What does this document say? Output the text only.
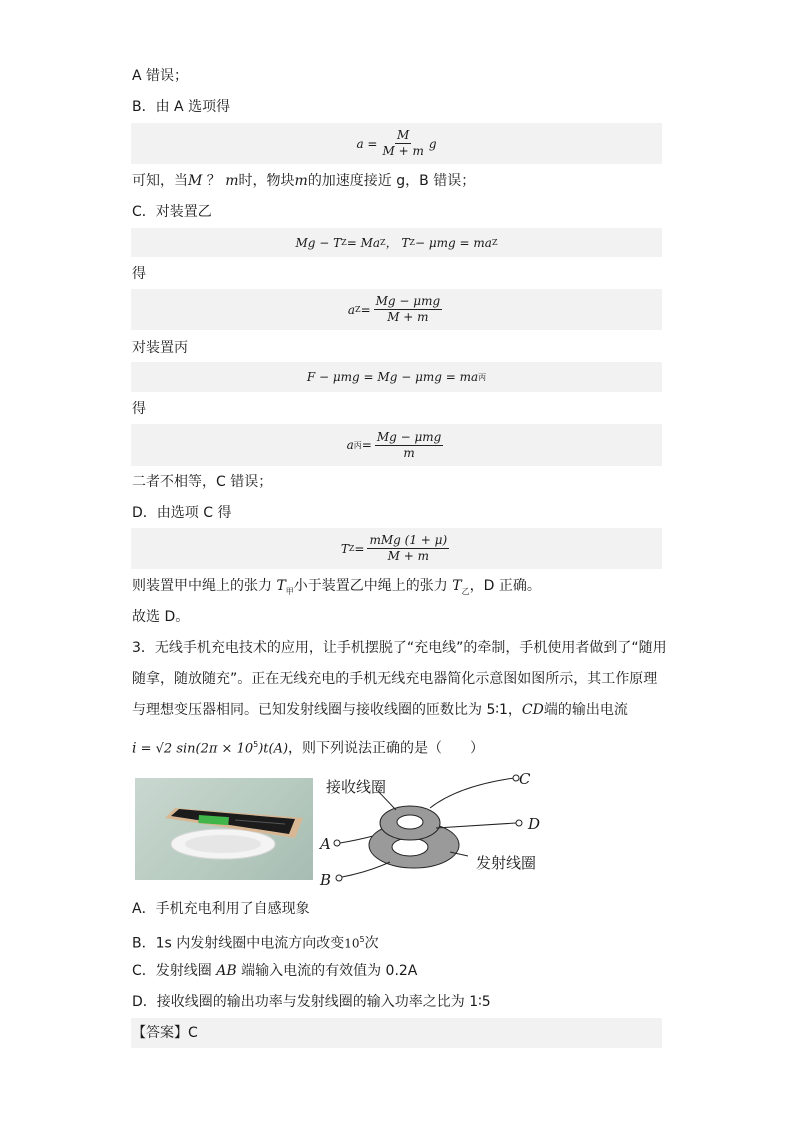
A 错误；
B．由 A 选项得
$a = \frac{M}{M + m}$ g
可知，当M ？ m时，物块m的加速度接近 g，B 错误；
C．对装置乙
Mg − T Z = Ma Z ， T Z − μmg = ma Z
得
a $Z = \frac{\text{Mg − μmg}}{M + m}$
对装置丙
F − μmg = Mg − μmg = ma 丙
得
a 丙 = $\frac{\text{Mg − μmg}}{m}$
二者不相等，C 错误；
D．由选项 C 得
T $Z = \frac{\text{mMg (1 + μ)}}{M + m}$
则装置甲中绳上的张力 $T_甲$小于装置乙中绳上的张力 $T_乙$，D 正确。
故选 D。
3．无线手机充电技术的应用，让手机摆脱了“充电线”的牵制，手机使用者做到了“随用
随拿，随放随充”。正在无线充电的手机无线充电器简化示意图如图所示，其工作原理
与理想变压器相同。已知发射线圈与接收线圈的匝数比为 5∶1，CD端的输出电流
i = √2 $\sin(2\pi \times 10^5)t(A)$，则下列说法正确的是（　　）
接收线圈
发射线圈
C
D
A
B
A．手机充电利用了自感现象
B．1s 内发射线圈中电流方向改变$10^5$次
C．发射线圈 AB 端输入电流的有效值为 0.2A
D．接收线圈的输出功率与发射线圈的输入功率之比为 1∶5
【答案】C
